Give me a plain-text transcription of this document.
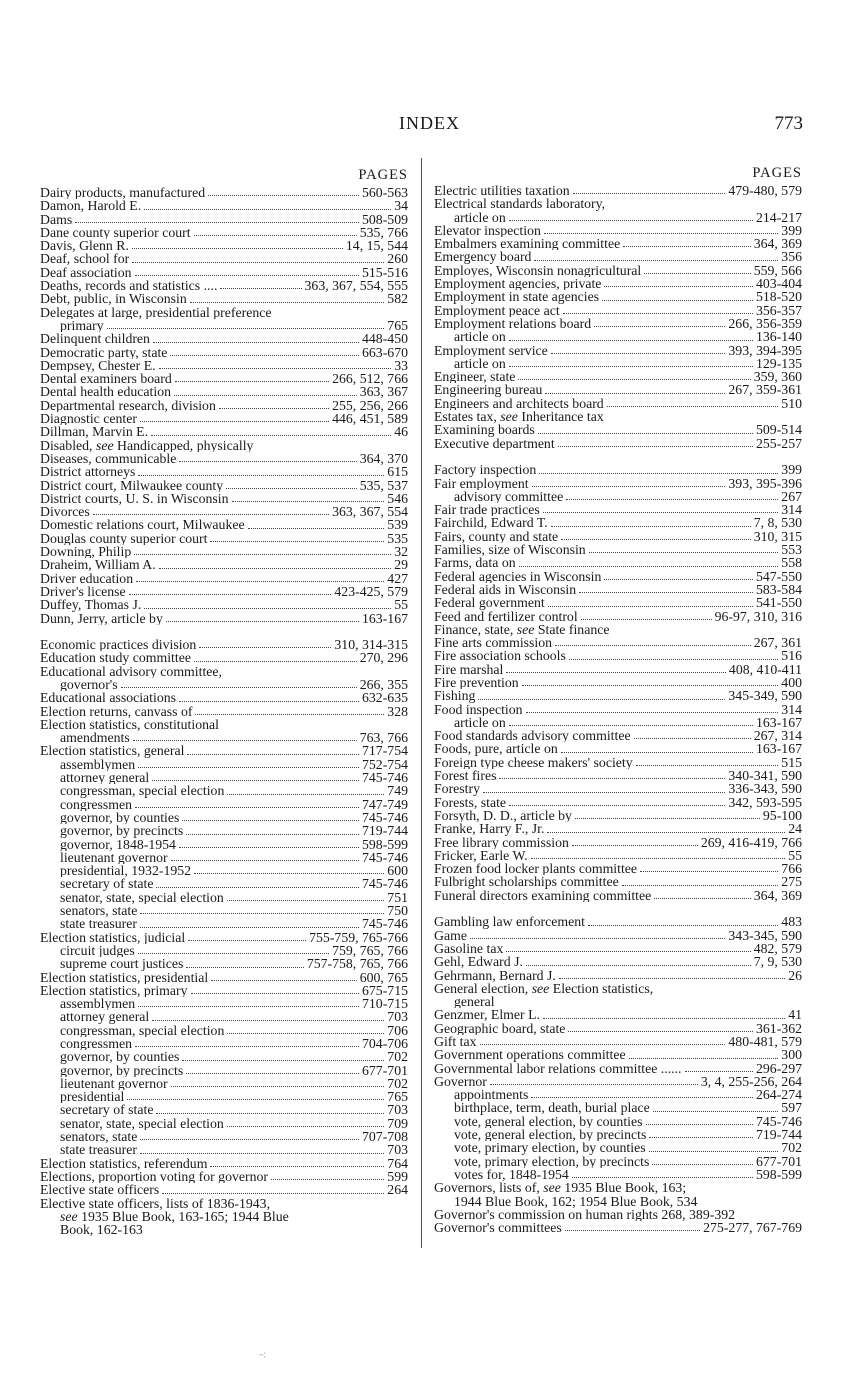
INDEX	773
PAGES
Dairy products, manufactured	560-563
Damon, Harold E.	34
Dams	508-509
Dane county superior court	535, 766
Davis, Glenn R.	14, 15, 544
Deaf, school for	260
Deaf association	515-516
Deaths, records and statistics ....	363, 367, 554, 555
Debt, public, in Wisconsin	582
Delegates at large, presidential preference
primary	765
Delinquent children	448-450
Democratic party, state	663-670
Dempsey, Chester E.	33
Dental examiners board	266, 512, 766
Dental health education	363, 367
Departmental research, division	255, 256, 266
Diagnostic center	446, 451, 589
Dillman, Marvin E.	46
Disabled, see Handicapped, physically
Diseases, communicable	364, 370
District attorneys	615
District court, Milwaukee county	535, 537
District courts, U. S. in Wisconsin	546
Divorces	363, 367, 554
Domestic relations court, Milwaukee	539
Douglas county superior court	535
Downing, Philip	32
Draheim, William A.	29
Driver education	427
Driver's license	423-425, 579
Duffey, Thomas J.	55
Dunn, Jerry, article by	163-167
Economic practices division	310, 314-315
Education study committee	270, 296
Educational advisory committee,
governor's	266, 355
Educational associations	632-635
Election returns, canvass of	328
Election statistics, constitutional
amendments	763, 766
Election statistics, general	717-754
assemblymen	752-754
attorney general	745-746
congressman, special election	749
congressmen	747-749
governor, by counties	745-746
governor, by precincts	719-744
governor, 1848-1954	598-599
lieutenant governor	745-746
presidential, 1932-1952	600
secretary of state	745-746
senator, state, special election	751
senators, state	750
state treasurer	745-746
Election statistics, judicial	755-759, 765-766
circuit judges	759, 765, 766
supreme court justices	757-758, 765, 766
Election statistics, presidential	600, 765
Election statistics, primary	675-715
assemblymen	710-715
attorney general	703
congressman, special election	706
congressmen	704-706
governor, by counties	702
governor, by precincts	677-701
lieutenant governor	702
presidential	765
secretary of state	703
senator, state, special election	709
senators, state	707-708
state treasurer	703
Election statistics, referendum	764
Elections, proportion voting for governor	599
Elective state officers	264
Elective state officers, lists of 1836-1943,
see 1935 Blue Book, 163-165; 1944 Blue
Book, 162-163
PAGES
Electric utilities taxation	479-480, 579
Electrical standards laboratory,
article on	214-217
Elevator inspection	399
Embalmers examining committee	364, 369
Emergency board	356
Employes, Wisconsin nonagricultural	559, 566
Employment agencies, private	403-404
Employment in state agencies	518-520
Employment peace act	356-357
Employment relations board	266, 356-359
article on	136-140
Employment service	393, 394-395
article on	129-135
Engineer, state	359, 360
Engineering bureau	267, 359-361
Engineers and architects board	510
Estates tax, see Inheritance tax
Examining boards	509-514
Executive department	255-257
Factory inspection	399
Fair employment	393, 395-396
advisory committee	267
Fair trade practices	314
Fairchild, Edward T.	7, 8, 530
Fairs, county and state	310, 315
Families, size of Wisconsin	553
Farms, data on	558
Federal agencies in Wisconsin	547-550
Federal aids in Wisconsin	583-584
Federal government	541-550
Feed and fertilizer control	96-97, 310, 316
Finance, state, see State finance
Fine arts commission	267, 361
Fire association schools	516
Fire marshal	408, 410-411
Fire prevention	400
Fishing	345-349, 590
Food inspection	314
article on	163-167
Food standards advisory committee	267, 314
Foods, pure, article on	163-167
Foreign type cheese makers' society	515
Forest fires	340-341, 590
Forestry	336-343, 590
Forests, state	342, 593-595
Forsyth, D. D., article by	95-100
Franke, Harry F., Jr.	24
Free library commission	269, 416-419, 766
Fricker, Earle W.	55
Frozen food locker plants committee	766
Fulbright scholarships committee	275
Funeral directors examining committee	364, 369
Gambling law enforcement	483
Game	343-345, 590
Gasoline tax	482, 579
Gehl, Edward J.	7, 9, 530
Gehrmann, Bernard J.	26
General election, see Election statistics,
general
Genzmer, Elmer L.	41
Geographic board, state	361-362
Gift tax	480-481, 579
Government operations committee	300
Governmental labor relations committee ......	296-297
Governor	3, 4, 255-256, 264
appointments	264-274
birthplace, term, death, burial place	597
vote, general election, by counties	745-746
vote, general election, by precincts	719-744
vote, primary election, by counties	702
vote, primary election, by precincts	677-701
votes for, 1848-1954	598-599
Governors, lists of, see 1935 Blue Book, 163;
1944 Blue Book, 162; 1954 Blue Book, 534
Governor's commission on human rights 268, 389-392
Governor's committees	275-277, 767-769
∹
